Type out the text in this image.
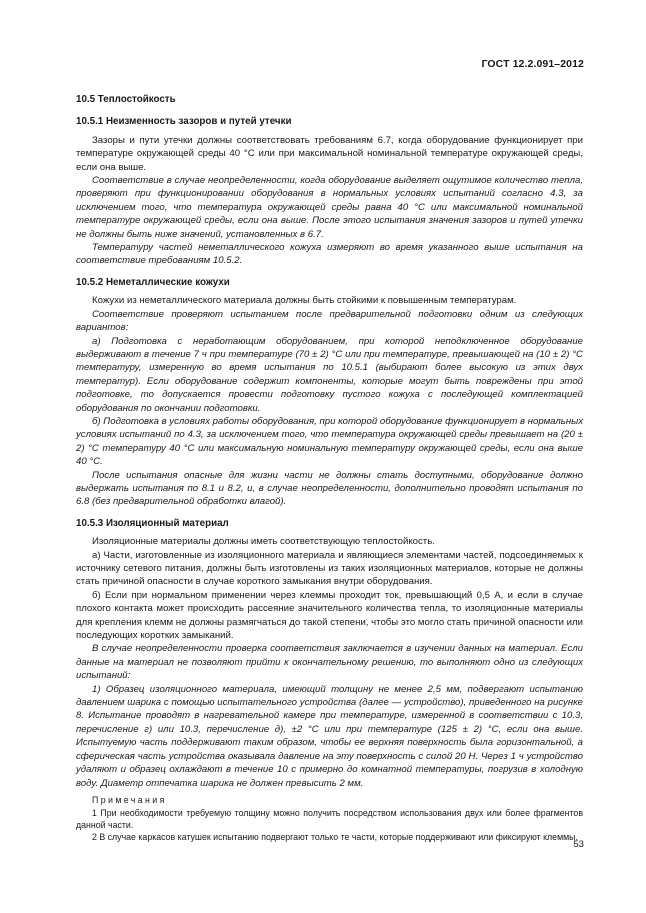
ГОСТ 12.2.091–2012
10.5 Теплостойкость
10.5.1 Неизменность зазоров и путей утечки

Зазоры и пути утечки должны соответствовать требованиям 6.7, когда оборудование функционирует при температуре окружающей среды 40 °С или при максимальной номинальной температуре окружающей среды, если она выше.

Соответствие в случае неопределенности, когда оборудование выделяет ощутимое количество тепла, проверяют при функционировании оборудования в нормальных условиях испытаний согласно 4.3, за исключением того, что температура окружающей среды равна 40 °С или максимальной номинальной температуре окружающей среды, если она выше. После этого испытания значения зазоров и путей утечки не должны быть ниже значений, установленных в 6.7.

Температуру частей неметаллического кожуха измеряют во время указанного выше испытания на соответствие требованиям 10.5.2.

10.5.2 Неметаллические кожухи

Кожухи из неметаллического материала должны быть стойкими к повышенным температурам.

Соответствие проверяют испытанием после предварительной подготовки одним из следующих вариантов:

а) Подготовка с неработающим оборудованием, при которой неподключенное оборудование выдерживают в течение 7 ч при температуре (70 ± 2) °С или при температуре, превышающей на (10 ± 2) °С температуру, измеренную во время испытания по 10.5.1 (выбирают более высокую из этих двух температур). Если оборудование содержит компоненты, которые могут быть повреждены при этой подготовке, то допускается провести подготовку пустого кожуха с последующей комплектацией оборудования по окончании подготовки.

б) Подготовка в условиях работы оборудования, при которой оборудование функционирует в нормальных условиях испытаний по 4.3, за исключением того, что температура окружающей среды превышает на (20 ± 2) °С температуру 40 °С или максимальную номинальную температуру окружающей среды, если она выше 40 °С.

После испытания опасные для жизни части не должны стать доступными, оборудование должно выдержать испытания по 8.1 и 8.2, и, в случае неопределенности, дополнительно проводят испытания по 6.8 (без предварительной обработки влагой).

10.5.3 Изоляционный материал

Изоляционные материалы должны иметь соответствующую теплостойкость.

а) Части, изготовленные из изоляционного материала и являющиеся элементами частей, подсоединяемых к источнику сетевого питания, должны быть изготовлены из таких изоляционных материалов, которые не должны стать причиной опасности в случае короткого замыкания внутри оборудования.

б) Если при нормальном применении через клеммы проходит ток, превышающий 0,5 А, и если в случае плохого контакта может происходить рассеяние значительного количества тепла, то изоляционные материалы для крепления клемм не должны размягчаться до такой степени, чтобы это могло стать причиной опасности или последующих коротких замыканий.

В случае неопределенности проверка соответствия заключается в изучении данных на материал. Если данные на материал не позволяют прийти к окончательному решению, то выполняют одно из следующих испытаний:

1) Образец изоляционного материала, имеющий толщину не менее 2,5 мм, подвергают испытанию давлением шарика с помощью испытательного устройства (далее — устройство), приведенного на рисунке 8. Испытание проводят в нагревательной камере при температуре, измеренной в соответствии с 10.3, перечисление г) или 10.3, перечисление д), ±2 °С или при температуре (125 ± 2) °С, если она выше. Испытуемую часть поддерживают таким образом, чтобы ее верхняя поверхность была горизонтальной, а сферическая часть устройства оказывала давление на эту поверхность с силой 20 Н. Через 1 ч устройство удаляют и образец охлаждают в течение 10 с примерно до комнатной температуры, погрузив в холодную воду. Диаметр отпечатка шарика не должен превысить 2 мм.

Примечания

1 При необходимости требуемую толщину можно получить посредством использования двух или более фрагментов данной части.

2 В случае каркасов катушек испытанию подвергают только те части, которые поддерживают или фиксируют клеммы.

53
